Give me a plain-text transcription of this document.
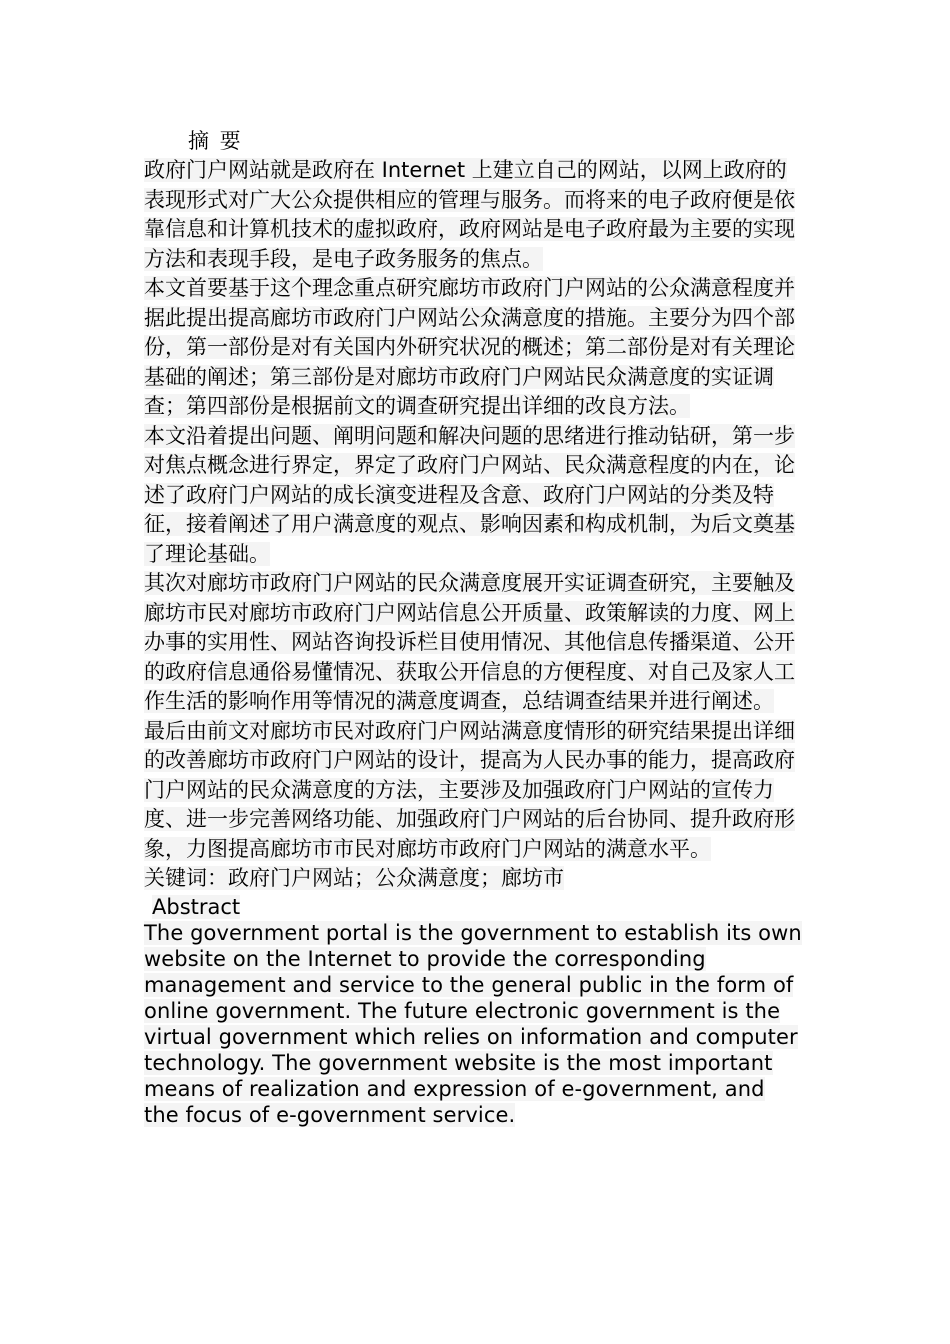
摘 要

政府门户网站就是政府在 Internet 上建立自己的网站，以网上政府的表现形式对广大公众提供相应的管理与服务。而将来的电子政府便是依靠信息和计算机技术的虚拟政府，政府网站是电子政府最为主要的实现方法和表现手段，是电子政务服务的焦点。

本文首要基于这个理念重点研究廊坊市政府门户网站的公众满意程度并据此提出提高廊坊市政府门户网站公众满意度的措施。主要分为四个部份，第一部份是对有关国内外研究状况的概述；第二部份是对有关理论基础的阐述；第三部份是对廊坊市政府门户网站民众满意度的实证调查；第四部份是根据前文的调查研究提出详细的改良方法。

本文沿着提出问题、阐明问题和解决问题的思绪进行推动钻研，第一步对焦点概念进行界定，界定了政府门户网站、民众满意程度的内在，论述了政府门户网站的成长演变进程及含意、政府门户网站的分类及特征，接着阐述了用户满意度的观点、影响因素和构成机制，为后文奠基了理论基础。

其次对廊坊市政府门户网站的民众满意度展开实证调查研究，主要触及廊坊市民对廊坊市政府门户网站信息公开质量、政策解读的力度、网上办事的实用性、网站咨询投诉栏目使用情况、其他信息传播渠道、公开的政府信息通俗易懂情况、获取公开信息的方便程度、对自己及家人工作生活的影响作用等情况的满意度调查，总结调查结果并进行阐述。

最后由前文对廊坊市民对政府门户网站满意度情形的研究结果提出详细的改善廊坊市政府门户网站的设计，提高为人民办事的能力，提高政府门户网站的民众满意度的方法，主要涉及加强政府门户网站的宣传力度、进一步完善网络功能、加强政府门户网站的后台协同、提升政府形象，力图提高廊坊市市民对廊坊市政府门户网站的满意水平。

关键词：政府门户网站；公众满意度；廊坊市
Abstract

The government portal is the government to establish its own website on the Internet to provide the corresponding management and service to the general public in the form of online government. The future electronic government is the virtual government which relies on information and computer technology. The government website is the most important means of realization and expression of e-government, and the focus of e-government service.
